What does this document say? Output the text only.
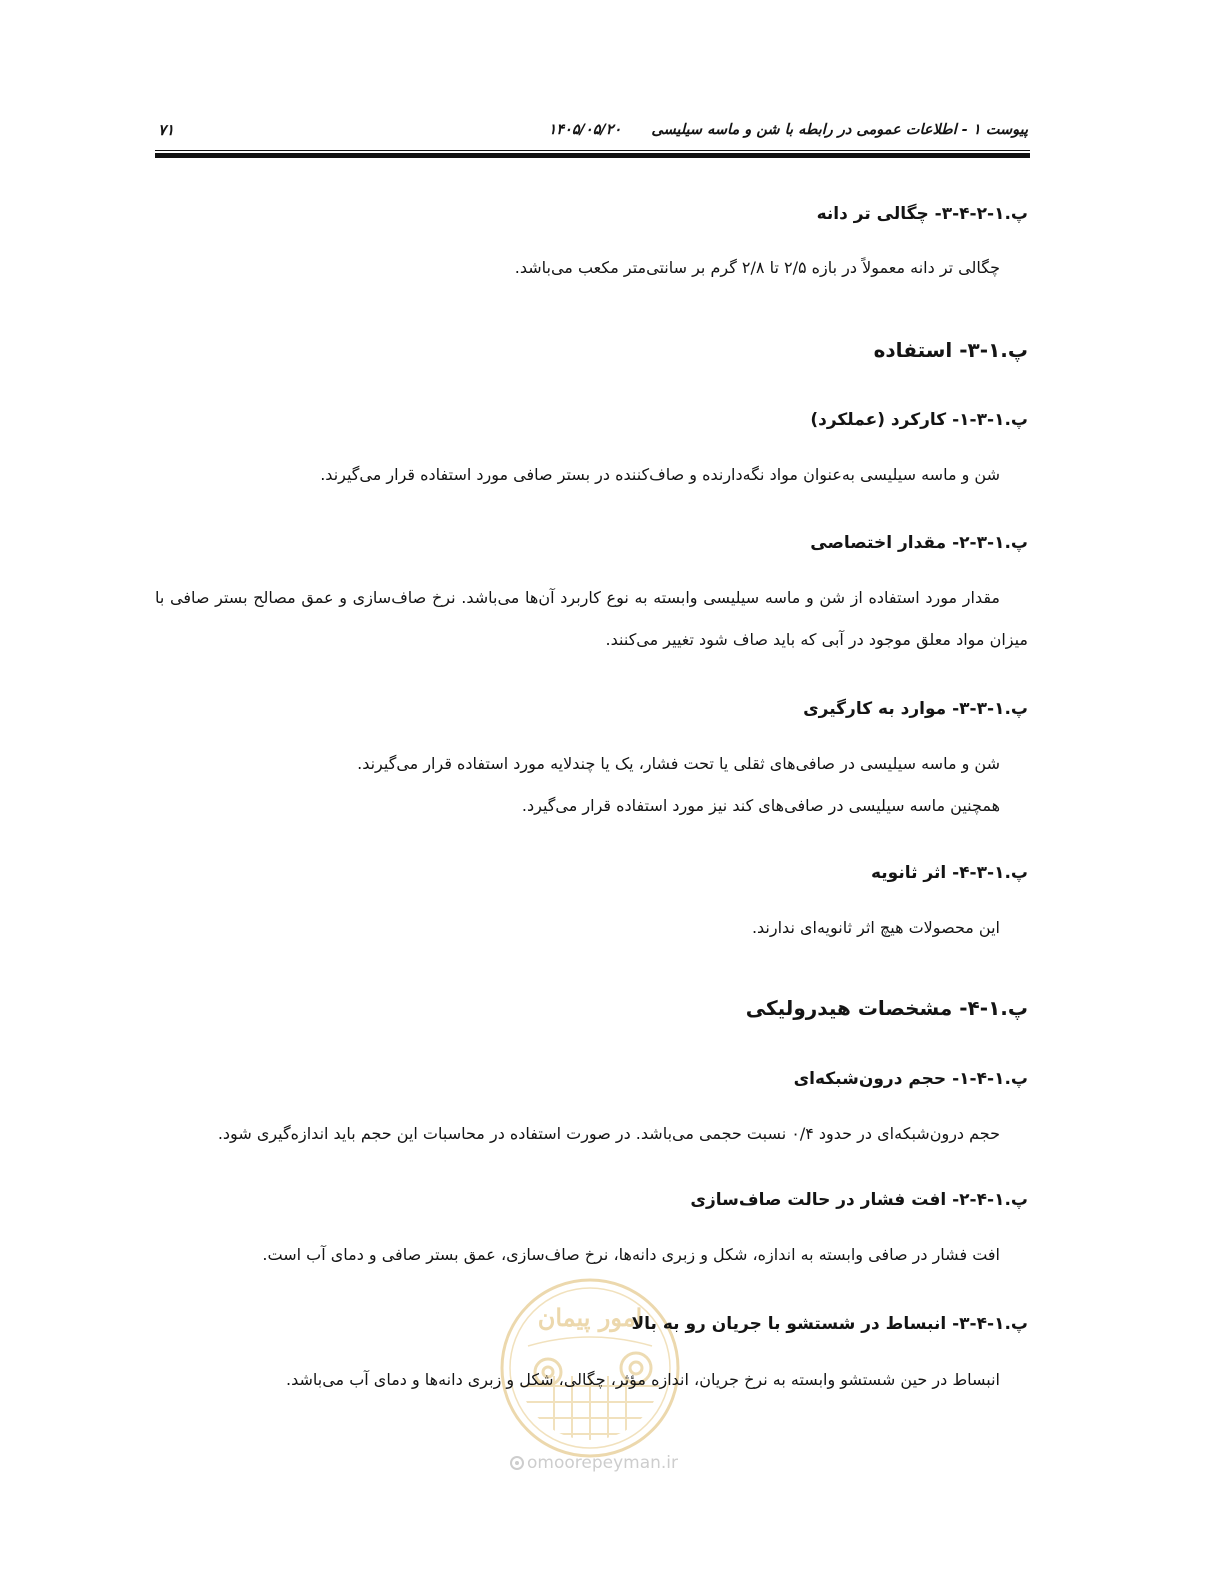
پیوست ۱ - اطلاعات عمومی در رابطه با شن و ماسه سیلیسی
۱۴۰۵/۰۵/۲۰
۷۱
امور پیمان
omoorepeyman.ir
پ.۱-۲-۴-۳- چگالی تر دانه
چگالی تر دانه معمولاً در بازه ۲/۵ تا ۲/۸ گرم بر سانتی‌متر مکعب می‌باشد.
پ.۱-۳- استفاده
پ.۱-۳-۱- کارکرد (عملکرد)
شن و ماسه سیلیسی به‌عنوان مواد نگه‌دارنده و صاف‌کننده در بستر صافی مورد استفاده قرار می‌گیرند.
پ.۱-۳-۲- مقدار اختصاصی
مقدار مورد استفاده از شن و ماسه سیلیسی وابسته به نوع کاربرد آن‌ها می‌باشد. نرخ صاف‌سازی و عمق مصالح بستر صافی با میزان مواد معلق موجود در آبی که باید صاف شود تغییر می‌کنند.
پ.۱-۳-۳- موارد به کارگیری
شن و ماسه سیلیسی در صافی‌های ثقلی یا تحت فشار، یک یا چندلایه مورد استفاده قرار می‌گیرند.
همچنین ماسه سیلیسی در صافی‌های کند نیز مورد استفاده قرار می‌گیرد.
پ.۱-۳-۴- اثر ثانویه
این محصولات هیچ اثر ثانویه‌ای ندارند.
پ.۱-۴- مشخصات هیدرولیکی
پ.۱-۴-۱- حجم درون‌شبکه‌ای
حجم درون‌شبکه‌ای در حدود ۰/۴ نسبت حجمی می‌باشد. در صورت استفاده در محاسبات این حجم باید اندازه‌گیری شود.
پ.۱-۴-۲- افت فشار در حالت صاف‌سازی
افت فشار در صافی وابسته به اندازه، شکل و زبری دانه‌ها، نرخ صاف‌سازی، عمق بستر صافی و دمای آب است.
پ.۱-۴-۳- انبساط در شستشو با جریان رو به بالا
انبساط در حین شستشو وابسته به نرخ جریان، اندازه مؤثر، چگالی، شکل و زبری دانه‌ها و دمای آب می‌باشد.
